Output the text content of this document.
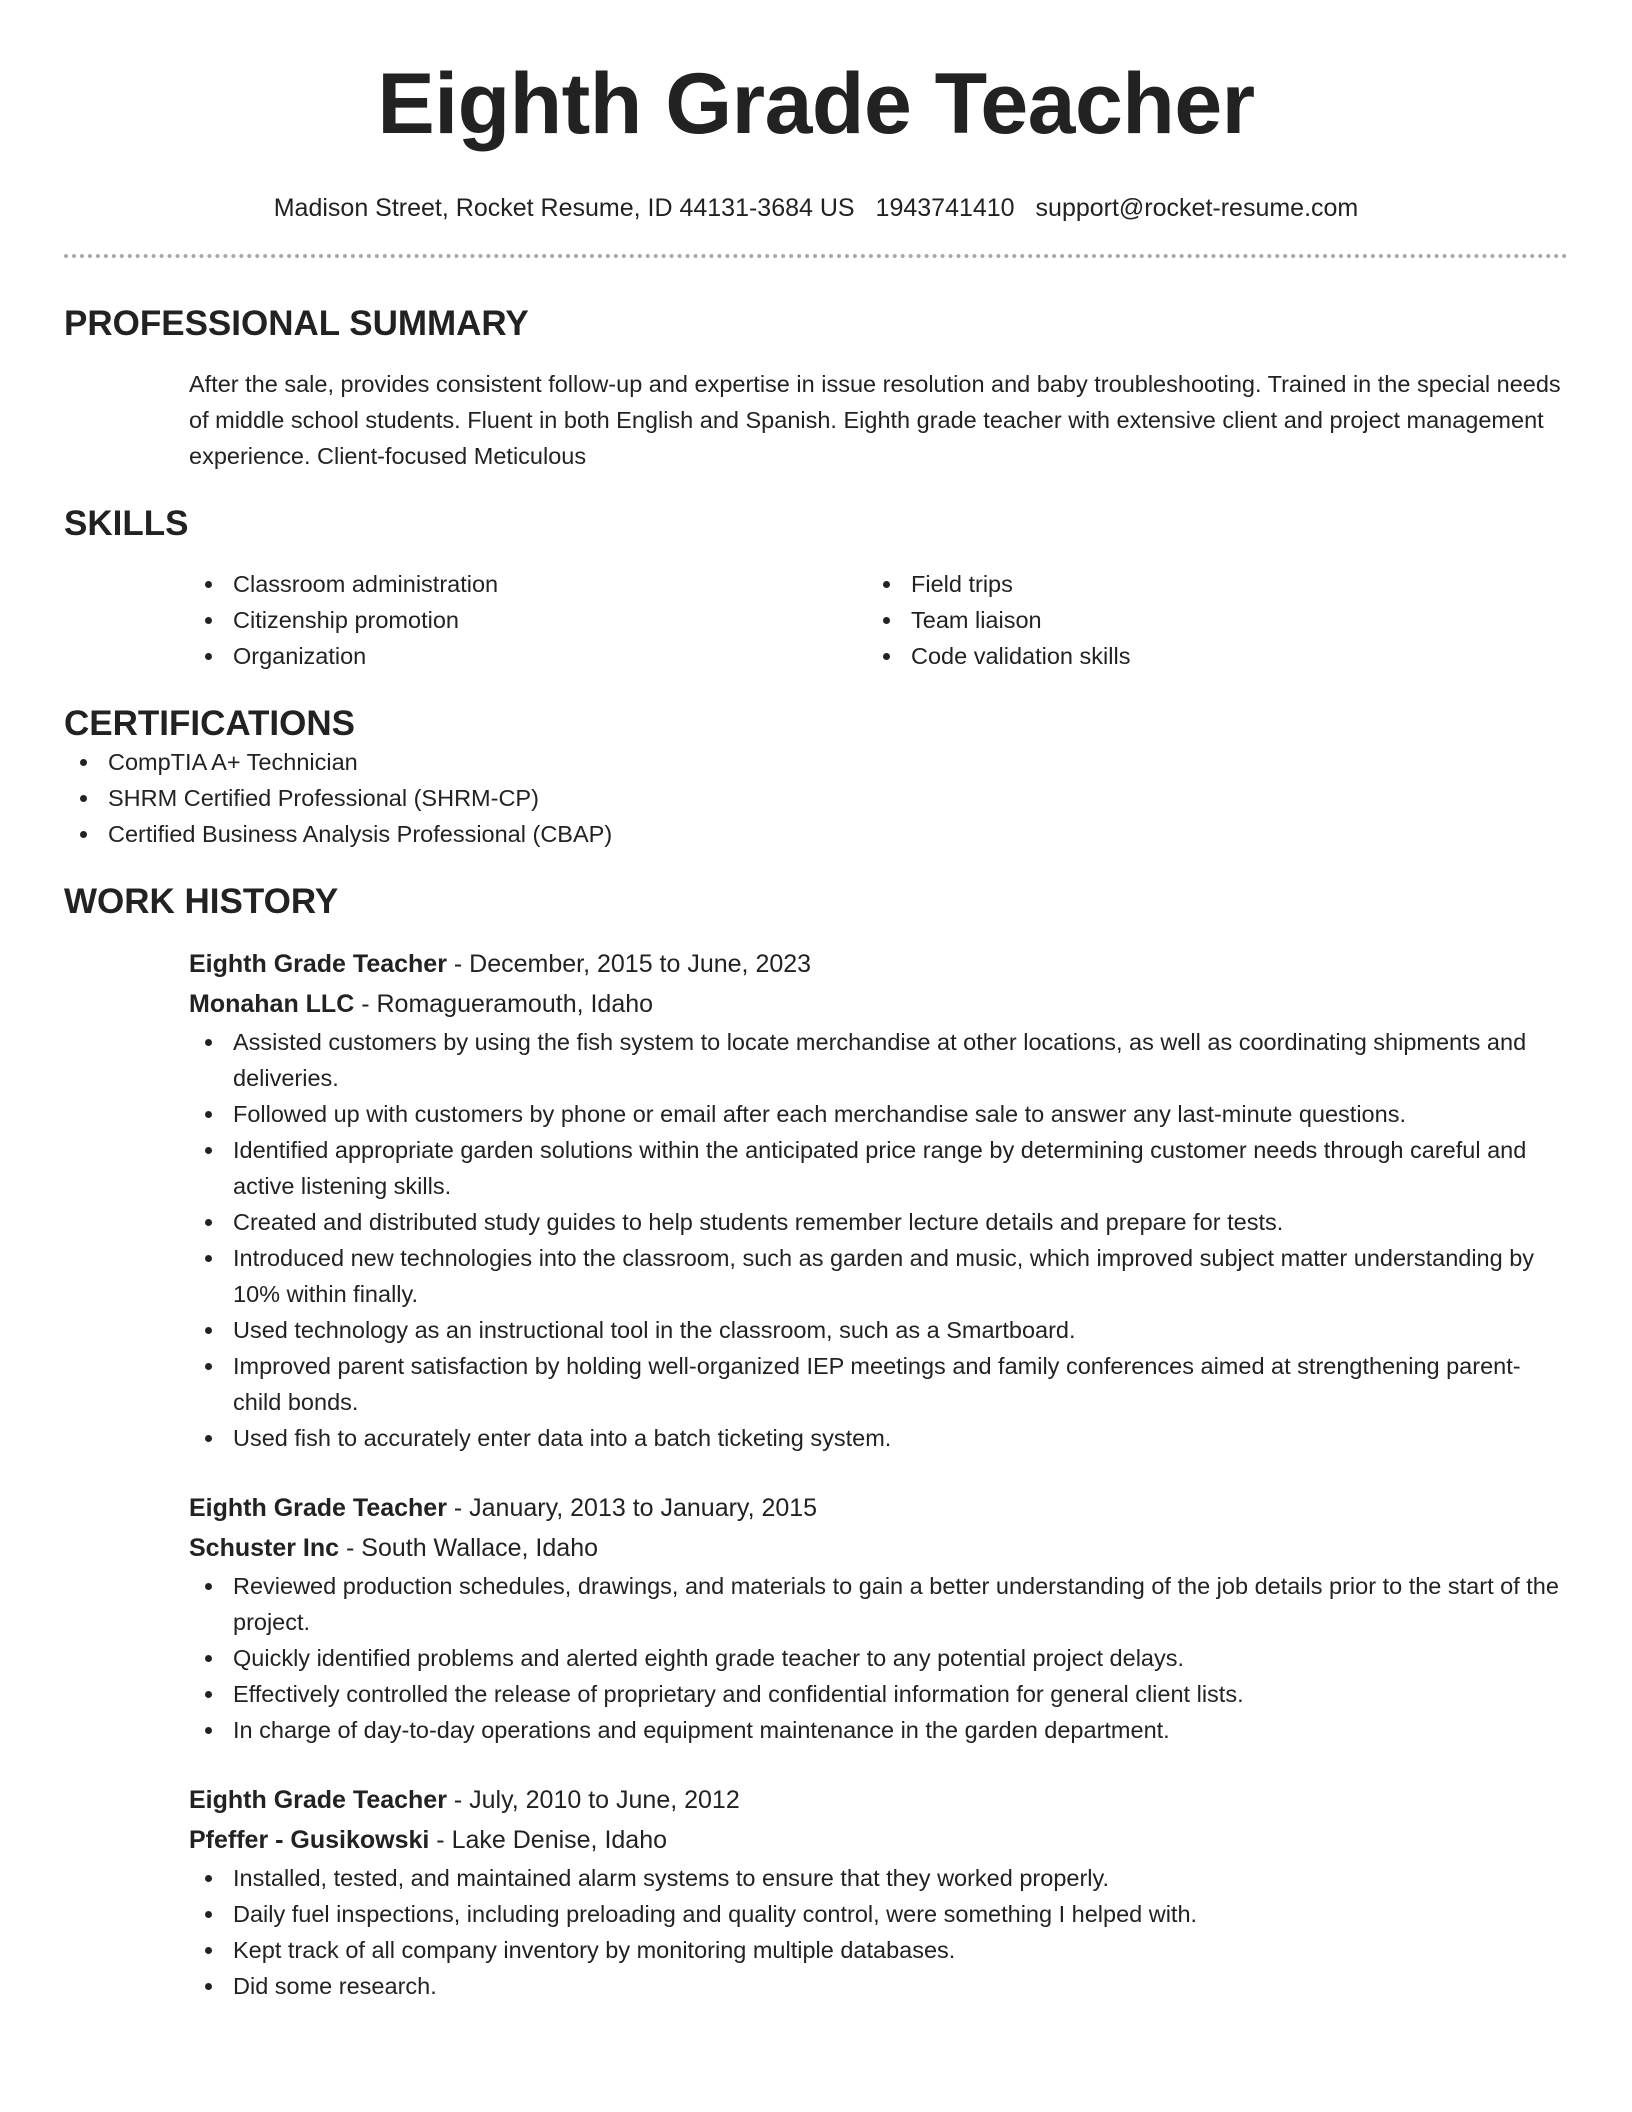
Eighth Grade Teacher
Madison Street, Rocket Resume, ID 44131-3684 US 1943741410 support@rocket-resume.com
PROFESSIONAL SUMMARY

After the sale, provides consistent follow-up and expertise in issue resolution and baby troubleshooting. Trained in the special needs of middle school students. Fluent in both English and Spanish. Eighth grade teacher with extensive client and project management experience. Client-focused Meticulous

SKILLS
Classroom administration
Citizenship promotion
Organization
Field trips
Team liaison
Code validation skills
CERTIFICATIONS
CompTIA A+ Technician
SHRM Certified Professional (SHRM-CP)
Certified Business Analysis Professional (CBAP)
WORK HISTORY
Eighth Grade Teacher - December, 2015 to June, 2023
Monahan LLC - Romagueramouth, Idaho
Assisted customers by using the fish system to locate merchandise at other locations, as well as coordinating shipments and deliveries.
Followed up with customers by phone or email after each merchandise sale to answer any last-minute questions.
Identified appropriate garden solutions within the anticipated price range by determining customer needs through careful and active listening skills.
Created and distributed study guides to help students remember lecture details and prepare for tests.
Introduced new technologies into the classroom, such as garden and music, which improved subject matter understanding by 10% within finally.
Used technology as an instructional tool in the classroom, such as a Smartboard.
Improved parent satisfaction by holding well-organized IEP meetings and family conferences aimed at strengthening parent-child bonds.
Used fish to accurately enter data into a batch ticketing system.
Eighth Grade Teacher - January, 2013 to January, 2015
Schuster Inc - South Wallace, Idaho
Reviewed production schedules, drawings, and materials to gain a better understanding of the job details prior to the start of the project.
Quickly identified problems and alerted eighth grade teacher to any potential project delays.
Effectively controlled the release of proprietary and confidential information for general client lists.
In charge of day-to-day operations and equipment maintenance in the garden department.
Eighth Grade Teacher - July, 2010 to June, 2012
Pfeffer - Gusikowski - Lake Denise, Idaho
Installed, tested, and maintained alarm systems to ensure that they worked properly.
Daily fuel inspections, including preloading and quality control, were something I helped with.
Kept track of all company inventory by monitoring multiple databases.
Did some research.
